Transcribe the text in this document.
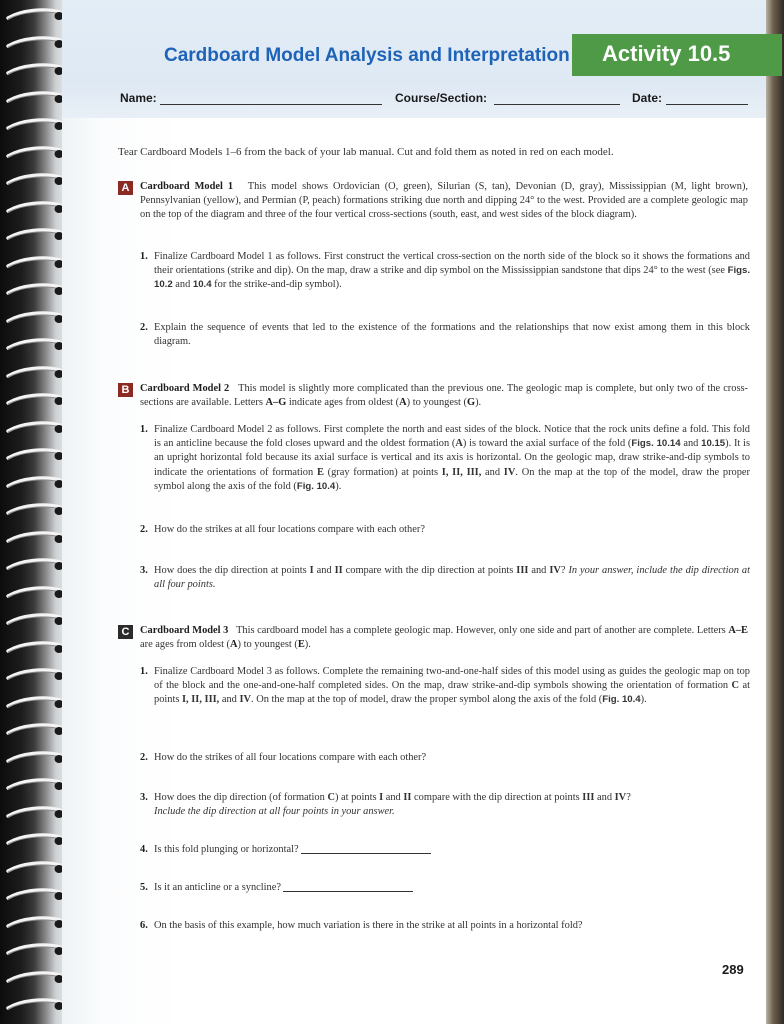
Cardboard Model Analysis and Interpretation	Activity 10.5
Name:	Course/Section:	Date:
Tear Cardboard Models 1–6 from the back of your lab manual. Cut and fold them as noted in red on each model.
A	Cardboard Model 1 This model shows Ordovician (O, green), Silurian (S, tan), Devonian (D, gray), Mississippian (M, light brown), Pennsylvanian (yellow), and Permian (P, peach) formations striking due north and dipping 24° to the west. Provided are a complete geologic map on the top of the diagram and three of the four vertical cross-sections (south, east, and west sides of the block diagram).
1. Finalize Cardboard Model 1 as follows. First construct the vertical cross-section on the north side of the block so it shows the formations and their orientations (strike and dip). On the map, draw a strike and dip symbol on the Mississippian sandstone that dips 24° to the west (see Figs. 10.2 and 10.4 for the strike-and-dip symbol).
2. Explain the sequence of events that led to the existence of the formations and the relationships that now exist among them in this block diagram.
B	Cardboard Model 2 This model is slightly more complicated than the previous one. The geologic map is complete, but only two of the cross-sections are available. Letters A–G indicate ages from oldest (A) to youngest (G).
1. Finalize Cardboard Model 2 as follows. First complete the north and east sides of the block. Notice that the rock units define a fold. This fold is an anticline because the fold closes upward and the oldest formation (A) is toward the axial surface of the fold (Figs. 10.14 and 10.15). It is an upright horizontal fold because its axial surface is vertical and its axis is horizontal. On the geologic map, draw strike-and-dip symbols to indicate the orientations of formation E (gray formation) at points I, II, III, and IV. On the map at the top of the model, draw the proper symbol along the axis of the fold (Fig. 10.4).
2. How do the strikes at all four locations compare with each other?
3. How does the dip direction at points I and II compare with the dip direction at points III and IV? In your answer, include the dip direction at all four points.
C	Cardboard Model 3 This cardboard model has a complete geologic map. However, only one side and part of another are complete. Letters A–E are ages from oldest (A) to youngest (E).
1. Finalize Cardboard Model 3 as follows. Complete the remaining two-and-one-half sides of this model using as guides the geologic map on top of the block and the one-and-one-half completed sides. On the map, draw strike-and-dip symbols showing the orientation of formation C at points I, II, III, and IV. On the map at the top of model, draw the proper symbol along the axis of the fold (Fig. 10.4).
2. How do the strikes of all four locations compare with each other?
3. How does the dip direction (of formation C) at points I and II compare with the dip direction at points III and IV?
Include the dip direction at all four points in your answer.
4. Is this fold plunging or horizontal?
5. Is it an anticline or a syncline?
6. On the basis of this example, how much variation is there in the strike at all points in a horizontal fold?
289
